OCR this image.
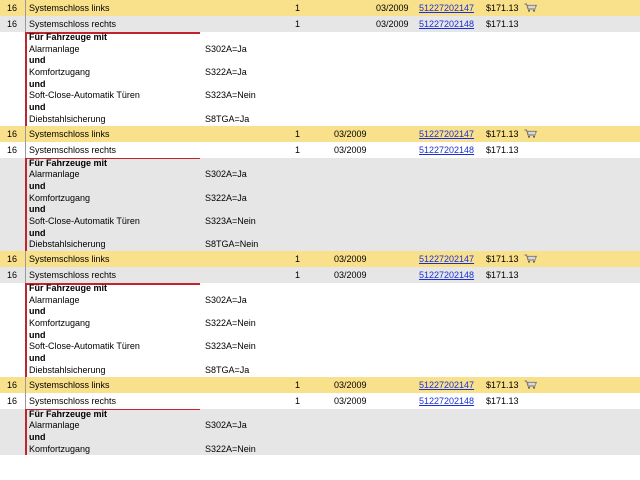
16 Systemschloss links	1	03/2009 51227202147 $171.13
16 Systemschloss rechts	1	03/2009 51227202148 $171.13
Für Fahrzeuge mit
Alarmanlage	S302A=Ja
und
Komfortzugang	S322A=Ja
und
Soft-Close-Automatik Türen	S323A=Nein
und
Diebstahlsicherung	S8TGA=Ja
16 Systemschloss links	1	03/2009	51227202147 $171.13
16 Systemschloss rechts	1	03/2009	51227202148 $171.13
Für Fahrzeuge mit
Alarmanlage	S302A=Ja
und
Komfortzugang	S322A=Ja
und
Soft-Close-Automatik Türen	S323A=Nein
und
Diebstahlsicherung	S8TGA=Nein
16 Systemschloss links	1	03/2009	51227202147 $171.13
16 Systemschloss rechts	1	03/2009	51227202148 $171.13
Für Fahrzeuge mit
Alarmanlage	S302A=Ja
und
Komfortzugang	S322A=Nein
und
Soft-Close-Automatik Türen	S323A=Nein
und
Diebstahlsicherung	S8TGA=Ja
16 Systemschloss links	1	03/2009	51227202147 $171.13
16 Systemschloss rechts	1	03/2009	51227202148 $171.13
Für Fahrzeuge mit
Alarmanlage	S302A=Ja
und
Komfortzugang	S322A=Nein
